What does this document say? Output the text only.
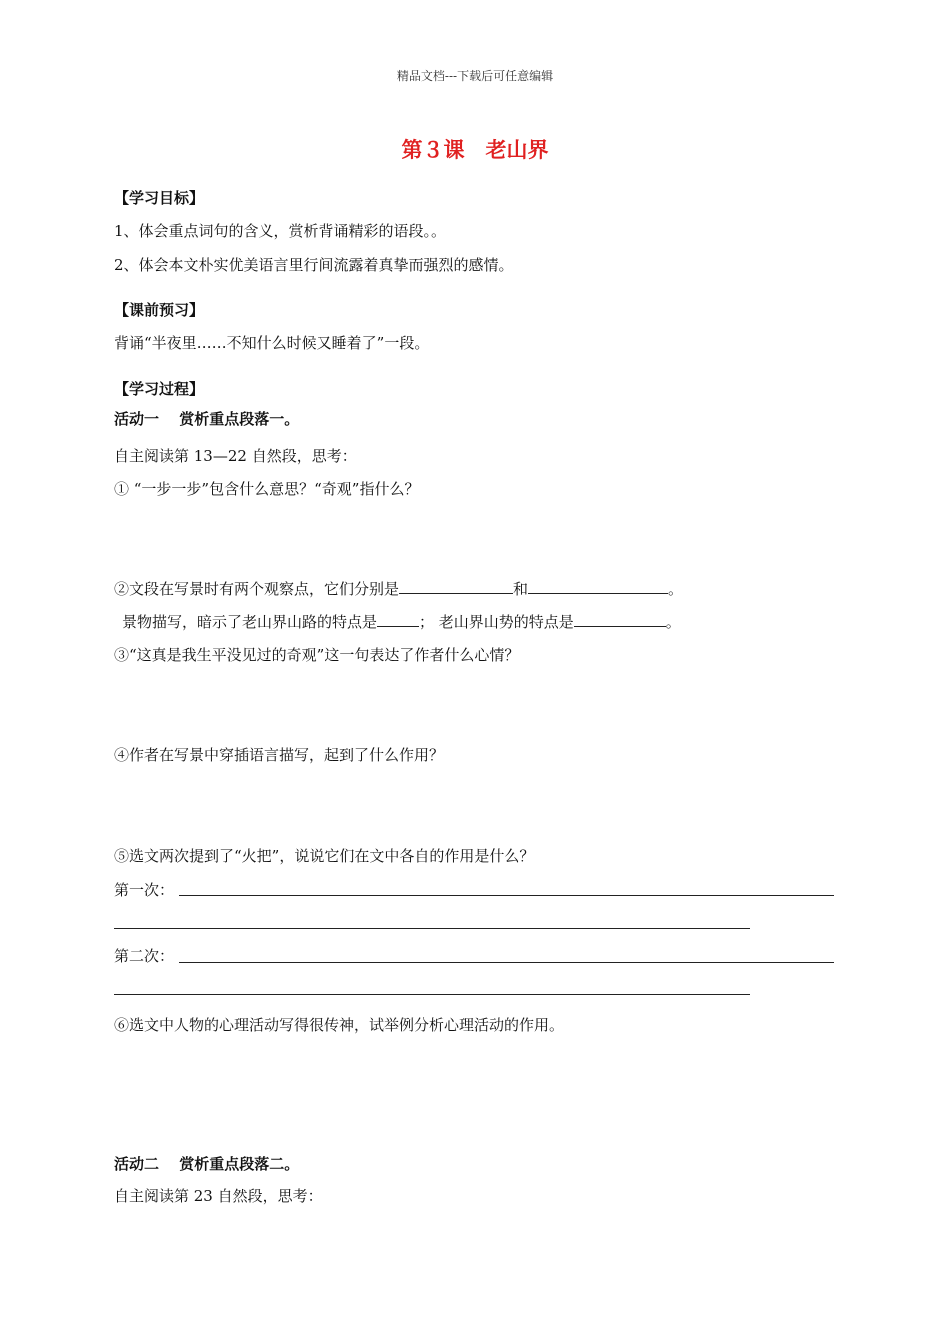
精品文档---下载后可任意编辑
第３课　老山界
【学习目标】
1、体会重点词句的含义，赏析背诵精彩的语段。。
2、体会本文朴实优美语言里行间流露着真挚而强烈的感情。
【课前预习】
背诵“半夜里……不知什么时候又睡着了”一段。
【学习过程】
活动一　 赏析重点段落一。
自主阅读第 13—22 自然段，思考：
① “一步一步”包含什么意思？“奇观”指什么？
②文段在写景时有两个观察点，它们分别是	和	。
景物描写，暗示了老山界山路的特点是	； 老山界山势的特点是	。
③“这真是我生平没见过的奇观”这一句表达了作者什么心情？
④作者在写景中穿插语言描写，起到了什么作用？
⑤选文两次提到了“火把”，说说它们在文中各自的作用是什么？
第一次：
第二次：
⑥选文中人物的心理活动写得很传神，试举例分析心理活动的作用。
活动二　 赏析重点段落二。
自主阅读第 23 自然段，思考：
